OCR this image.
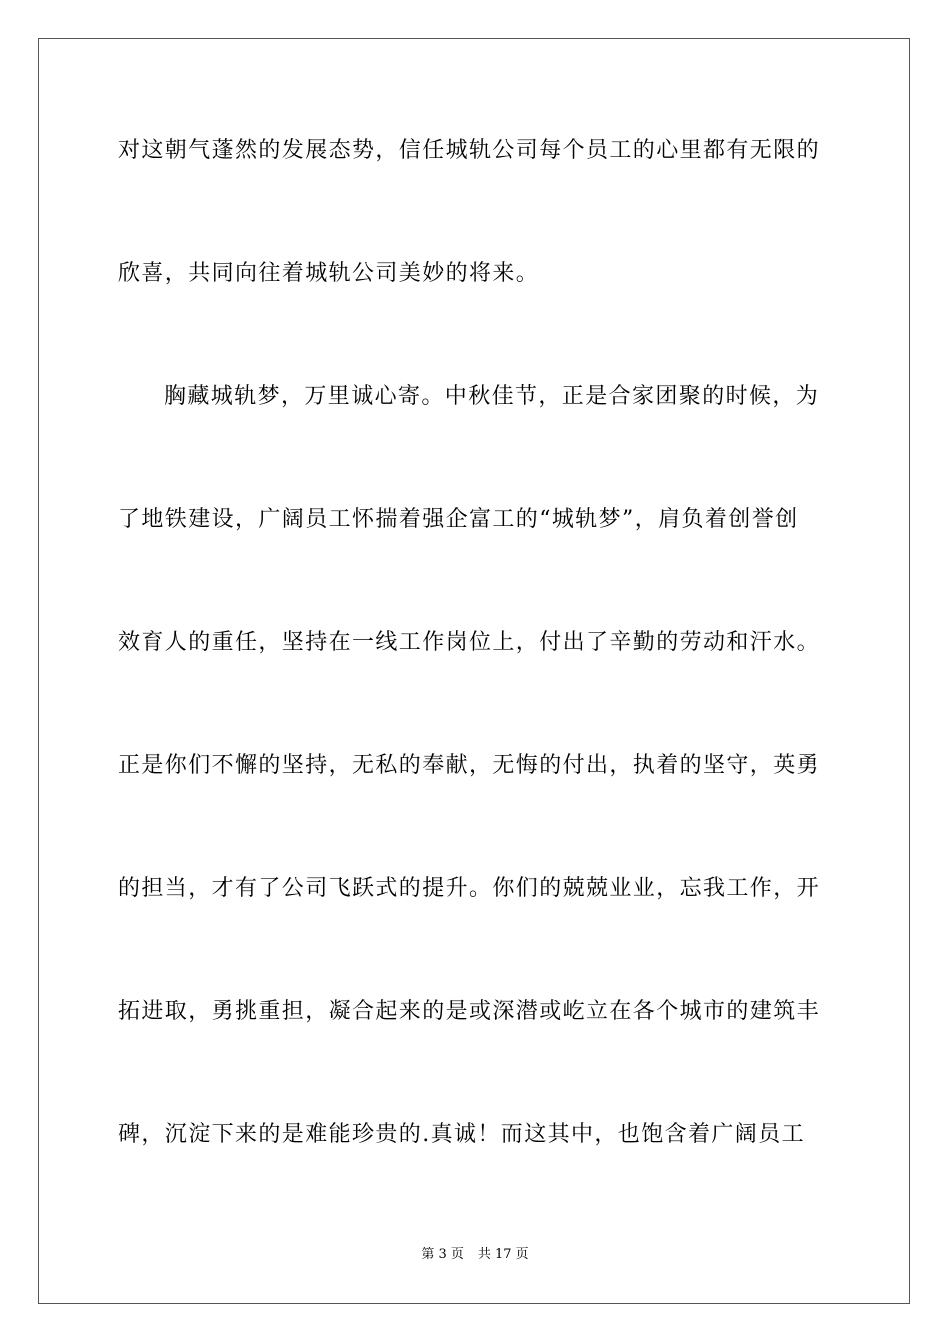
对这朝气蓬然的发展态势，信任城轨公司每个员工的心里都有无限的

欣喜，共同向往着城轨公司美妙的将来。

胸藏城轨梦，万里诚心寄。中秋佳节，正是合家团聚的时候，为

了地铁建设，广阔员工怀揣着强企富工的“城轨梦”，肩负着创誉创

效育人的重任，坚持在一线工作岗位上，付出了辛勤的劳动和汗水。

正是你们不懈的坚持，无私的奉献，无悔的付出，执着的坚守，英勇

的担当，才有了公司飞跃式的提升。你们的兢兢业业，忘我工作，开

拓进取，勇挑重担，凝合起来的是或深潜或屹立在各个城市的建筑丰

碑，沉淀下来的是难能珍贵的.真诚！而这其中，也饱含着广阔员工

第 3 页 共 17 页
